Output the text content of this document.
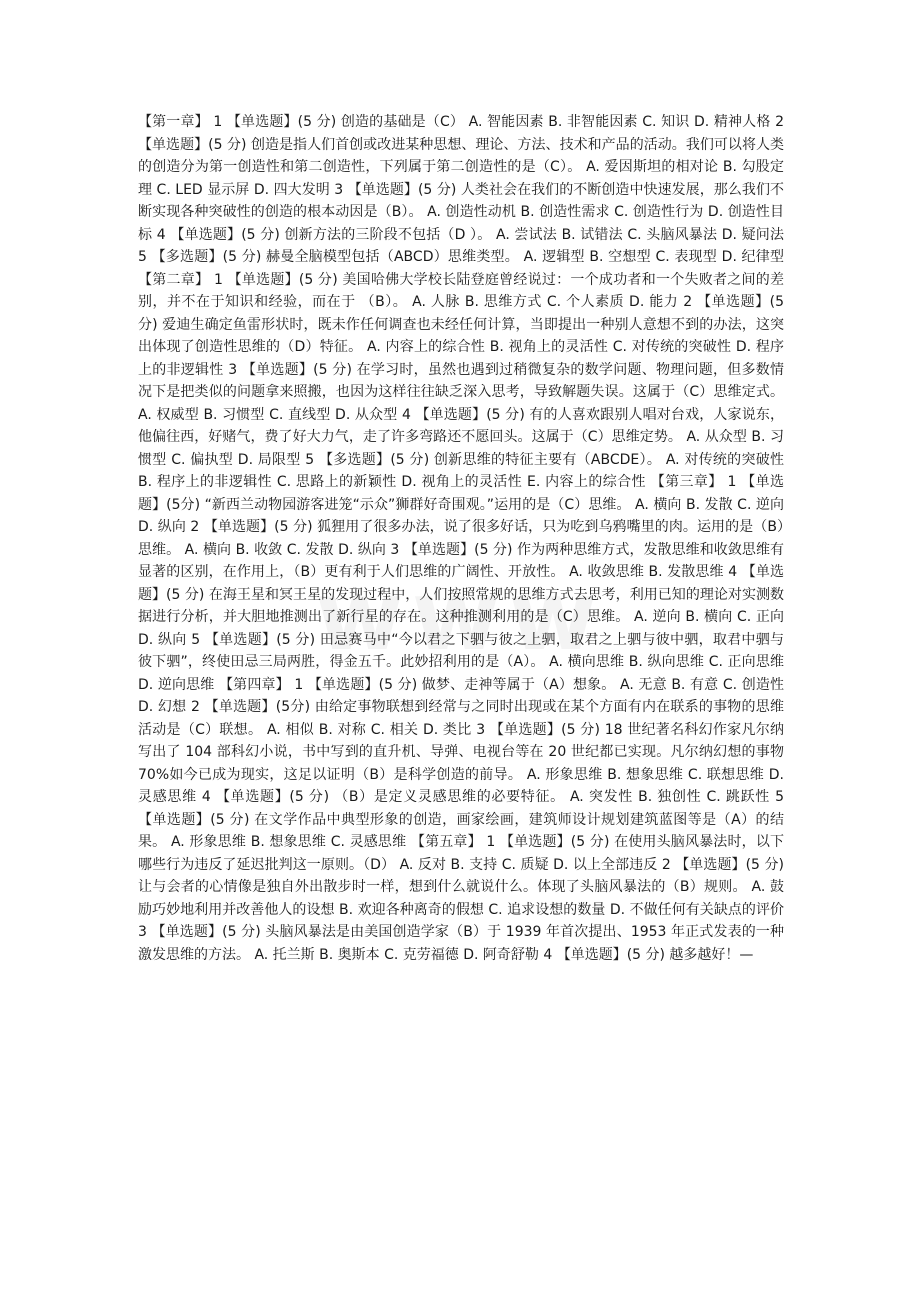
【第一章】 1 【单选题】(5 分) 创造的基础是（C） A. 智能因素 B. 非智能因素 C. 知识 D. 精神人格 2 【单选题】(5 分) 创造是指人们首创或改进某种思想、理论、方法、技术和产品的活动。我们可以将人类的创造分为第一创造性和第二创造性，下列属于第二创造性的是（C）。 A. 爱因斯坦的相对论 B. 勾股定理 C. LED 显示屏 D. 四大发明 3 【单选题】(5 分) 人类社会在我们的不断创造中快速发展，那么我们不断实现各种突破性的创造的根本动因是（B）。 A. 创造性动机 B. 创造性需求 C. 创造性行为 D. 创造性目标 4 【单选题】(5 分) 创新方法的三阶段不包括（D ）。 A. 尝试法 B. 试错法 C. 头脑风暴法 D. 疑问法 5 【多选题】(5 分) 赫曼全脑模型包括（ABCD）思维类型。 A. 逻辑型 B. 空想型 C. 表现型 D. 纪律型 【第二章】 1 【单选题】(5 分) 美国哈佛大学校长陆登庭曾经说过：一个成功者和一个失败者之间的差别，并不在于知识和经验，而在于 （B）。 A. 人脉 B. 思维方式 C. 个人素质 D. 能力 2 【单选题】(5 分) 爱迪生确定鱼雷形状时，既未作任何调查也未经任何计算，当即提出一种别人意想不到的办法，这突出体现了创造性思维的（D）特征。 A. 内容上的综合性 B. 视角上的灵活性 C. 对传统的突破性 D. 程序上的非逻辑性 3 【单选题】(5 分) 在学习时，虽然也遇到过稍微复杂的数学问题、物理问题，但多数情况下是把类似的问题拿来照搬，也因为这样往往缺乏深入思考，导致解题失误。这属于（C）思维定式。 A. 权威型 B. 习惯型 C. 直线型 D. 从众型 4 【单选题】(5 分) 有的人喜欢跟别人唱对台戏，人家说东，他偏往西，好赌气，费了好大力气，走了许多弯路还不愿回头。这属于（C）思维定势。 A. 从众型 B. 习惯型 C. 偏执型 D. 局限型 5 【多选题】(5 分) 创新思维的特征主要有（ABCDE）。 A. 对传统的突破性 B. 程序上的非逻辑性 C. 思路上的新颖性 D. 视角上的灵活性 E. 内容上的综合性 【第三章】 1 【单选题】(5分) “新西兰动物园游客进笼“示众”狮群好奇围观。”运用的是（C）思维。 A. 横向 B. 发散 C. 逆向 D. 纵向 2 【单选题】(5 分) 狐狸用了很多办法，说了很多好话，只为吃到乌鸦嘴里的肉。运用的是（B）思维。 A. 横向 B. 收敛 C. 发散 D. 纵向 3 【单选题】(5 分) 作为两种思维方式，发散思维和收敛思维有显著的区别，在作用上，（B）更有利于人们思维的广阔性、开放性。 A. 收敛思维 B. 发散思维 4 【单选题】(5 分) 在海王星和冥王星的发现过程中，人们按照常规的思维方式去思考，利用已知的理论对实测数据进行分析，并大胆地推测出了新行星的存在。这种推测利用的是（C）思维。 A. 逆向 B. 横向 C. 正向 D. 纵向 5 【单选题】(5 分) 田忌赛马中“今以君之下驷与彼之上驷，取君之上驷与彼中驷，取君中驷与彼下驷”，终使田忌三局两胜，得金五千。此妙招利用的是（A）。 A. 横向思维 B. 纵向思维 C. 正向思维 D. 逆向思维 【第四章】 1 【单选题】(5 分) 做梦、走神等属于（A）想象。 A. 无意 B. 有意 C. 创造性 D. 幻想 2 【单选题】(5分) 由给定事物联想到经常与之同时出现或在某个方面有内在联系的事物的思维活动是（C）联想。 A. 相似 B. 对称 C. 相关 D. 类比 3 【单选题】(5 分) 18 世纪著名科幻作家凡尔纳写出了 104 部科幻小说，书中写到的直升机、导弹、电视台等在 20 世纪都已实现。凡尔纳幻想的事物 70%如今已成为现实，这足以证明（B）是科学创造的前导。 A. 形象思维 B. 想象思维 C. 联想思维 D. 灵感思维 4 【单选题】(5 分) （B）是定义灵感思维的必要特征。 A. 突发性 B. 独创性 C. 跳跃性 5 【单选题】(5 分) 在文学作品中典型形象的创造，画家绘画，建筑师设计规划建筑蓝图等是（A）的结果。 A. 形象思维 B. 想象思维 C. 灵感思维 【第五章】 1 【单选题】(5 分) 在使用头脑风暴法时，以下哪些行为违反了延迟批判这一原则。（D） A. 反对 B. 支持 C. 质疑 D. 以上全部违反 2 【单选题】(5 分) 让与会者的心情像是独自外出散步时一样，想到什么就说什么。体现了头脑风暴法的（B）规则。 A. 鼓励巧妙地利用并改善他人的设想 B. 欢迎各种离奇的假想 C. 追求设想的数量 D. 不做任何有关缺点的评价 3 【单选题】(5 分) 头脑风暴法是由美国创造学家（B）于 1939 年首次提出、1953 年正式发表的一种激发思维的方法。 A. 托兰斯 B. 奥斯本 C. 克劳福德 D. 阿奇舒勒 4 【单选题】(5 分) 越多越好！—
